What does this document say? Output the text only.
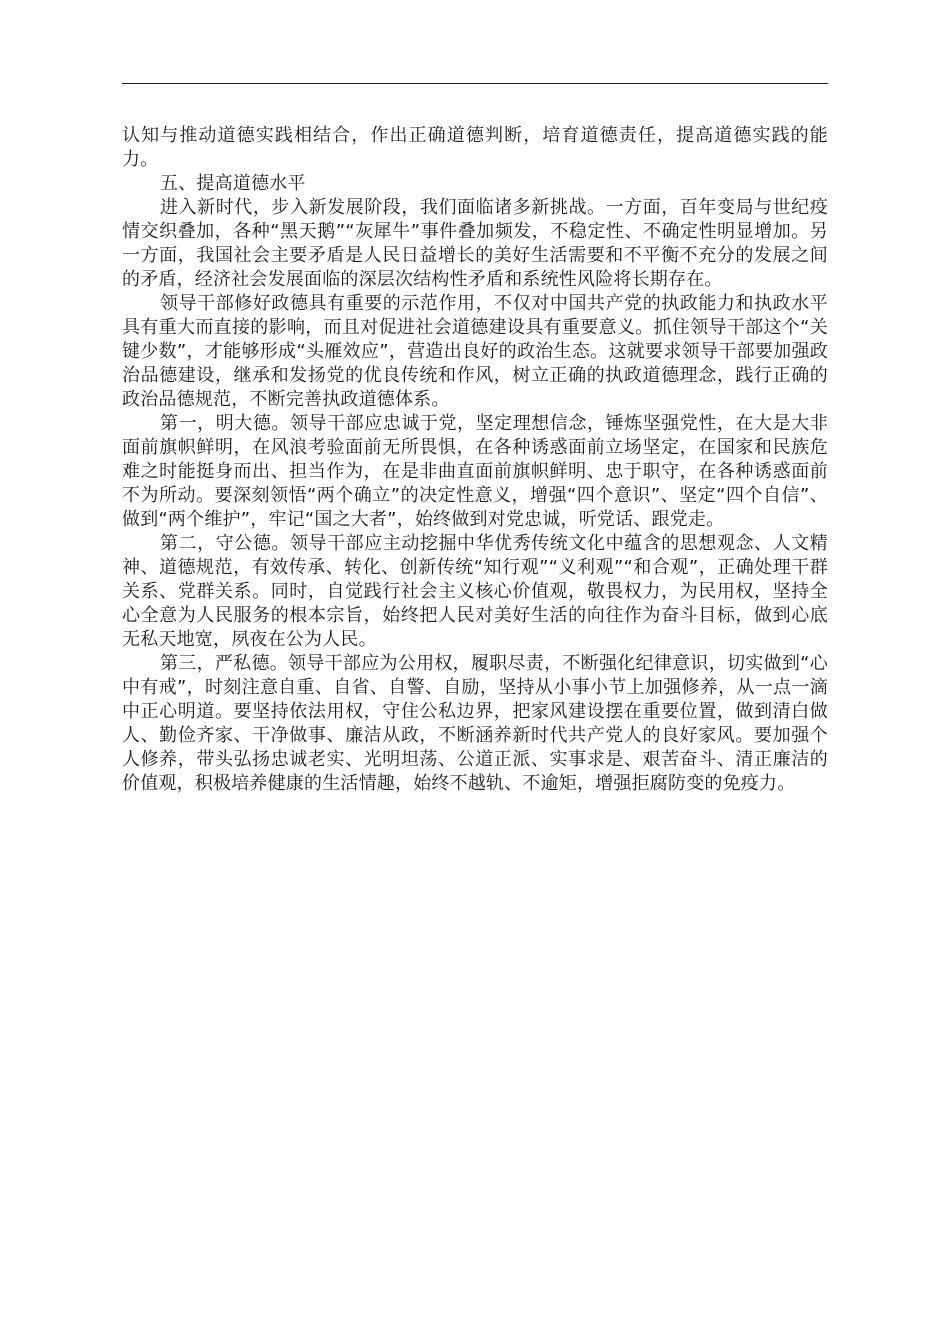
认知与推动道德实践相结合，作出正确道德判断，培育道德责任，提高道德实践的能力。

五、提高道德水平

进入新时代，步入新发展阶段，我们面临诸多新挑战。一方面，百年变局与世纪疫情交织叠加，各种“黑天鹅”“灰犀牛”事件叠加频发，不稳定性、不确定性明显增加。另一方面，我国社会主要矛盾是人民日益增长的美好生活需要和不平衡不充分的发展之间的矛盾，经济社会发展面临的深层次结构性矛盾和系统性风险将长期存在。

领导干部修好政德具有重要的示范作用，不仅对中国共产党的执政能力和执政水平具有重大而直接的影响，而且对促进社会道德建设具有重要意义。抓住领导干部这个“关键少数”，才能够形成“头雁效应”，营造出良好的政治生态。这就要求领导干部要加强政治品德建设，继承和发扬党的优良传统和作风，树立正确的执政道德理念，践行正确的政治品德规范，不断完善执政道德体系。

第一，明大德。领导干部应忠诚于党，坚定理想信念，锤炼坚强党性，在大是大非面前旗帜鲜明，在风浪考验面前无所畏惧，在各种诱惑面前立场坚定，在国家和民族危难之时能挺身而出、担当作为，在是非曲直面前旗帜鲜明、忠于职守，在各种诱惑面前不为所动。要深刻领悟“两个确立”的决定性意义，增强“四个意识”、坚定“四个自信”、做到“两个维护”，牢记“国之大者”，始终做到对党忠诚，听党话、跟党走。

第二，守公德。领导干部应主动挖掘中华优秀传统文化中蕴含的思想观念、人文精神、道德规范，有效传承、转化、创新传统“知行观”“义利观”“和合观”，正确处理干群关系、党群关系。同时，自觉践行社会主义核心价值观，敬畏权力，为民用权，坚持全心全意为人民服务的根本宗旨，始终把人民对美好生活的向往作为奋斗目标，做到心底无私天地宽，夙夜在公为人民。

第三，严私德。领导干部应为公用权，履职尽责，不断强化纪律意识，切实做到“心中有戒”，时刻注意自重、自省、自警、自励，坚持从小事小节上加强修养，从一点一滴中正心明道。要坚持依法用权，守住公私边界，把家风建设摆在重要位置，做到清白做人、勤俭齐家、干净做事、廉洁从政，不断涵养新时代共产党人的良好家风。要加强个人修养，带头弘扬忠诚老实、光明坦荡、公道正派、实事求是、艰苦奋斗、清正廉洁的价值观，积极培养健康的生活情趣，始终不越轨、不逾矩，增强拒腐防变的免疫力。
